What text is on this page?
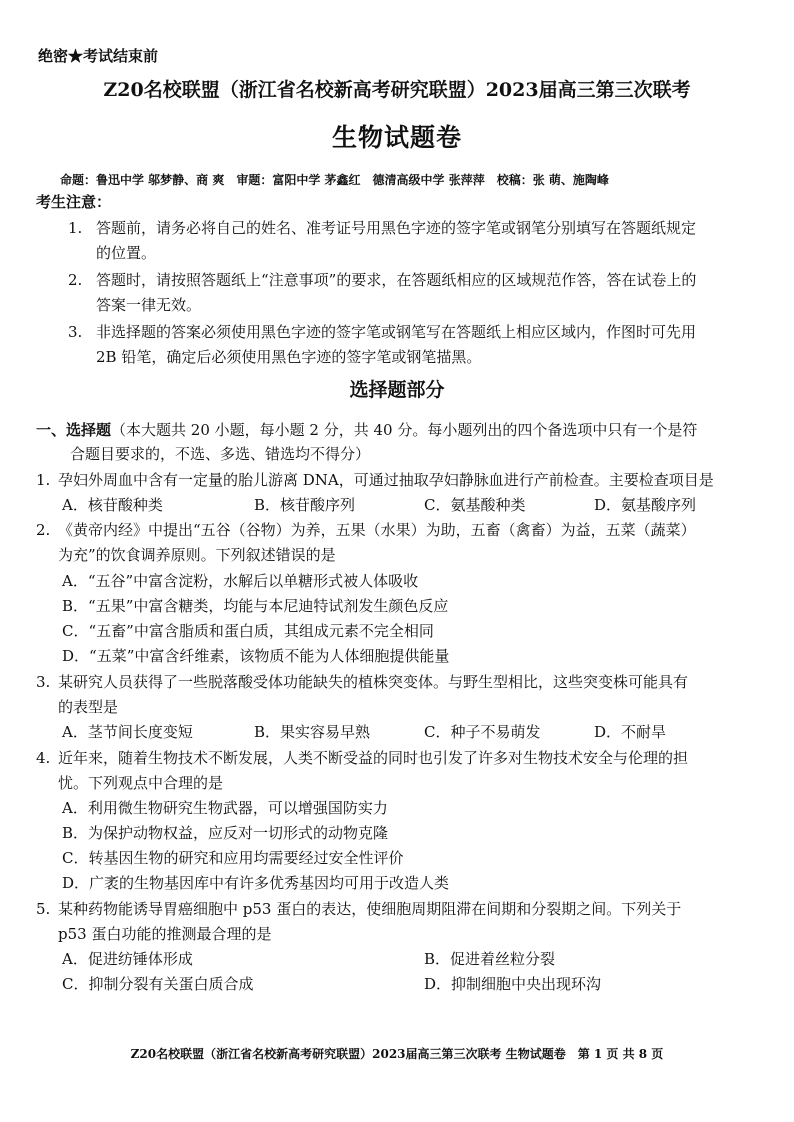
绝密★考试结束前
Z20名校联盟（浙江省名校新高考研究联盟）2023届高三第三次联考
生物试题卷
命题：鲁迅中学 邬梦静、商 爽　审题：富阳中学 茅鑫红　德清高级中学 张萍萍　校稿：张 萌、施陶峰
考生注意：
1. 答题前，请务必将自己的姓名、准考证号用黑色字迹的签字笔或钢笔分别填写在答题纸规定
的位置。
2. 答题时，请按照答题纸上“注意事项”的要求，在答题纸相应的区域规范作答，答在试卷上的
答案一律无效。
3. 非选择题的答案必须使用黑色字迹的签字笔或钢笔写在答题纸上相应区域内，作图时可先用
2B 铅笔，确定后必须使用黑色字迹的签字笔或钢笔描黑。
选择题部分
一、选择题（本大题共 20 小题，每小题 2 分，共 40 分。每小题列出的四个备选项中只有一个是符
合题目要求的，不选、多选、错选均不得分）
1. 孕妇外周血中含有一定量的胎儿游离 DNA，可通过抽取孕妇静脉血进行产前检查。主要检查项目是
A．核苷酸种类	B．核苷酸序列	C．氨基酸种类	D．氨基酸序列
2. 《黄帝内经》中提出“五谷（谷物）为养，五果（水果）为助，五畜（禽畜）为益，五菜（蔬菜）
为充”的饮食调养原则。下列叙述错误的是
A．“五谷”中富含淀粉，水解后以单糖形式被人体吸收
B．“五果”中富含糖类，均能与本尼迪特试剂发生颜色反应
C．“五畜”中富含脂质和蛋白质，其组成元素不完全相同
D．“五菜”中富含纤维素，该物质不能为人体细胞提供能量
3. 某研究人员获得了一些脱落酸受体功能缺失的植株突变体。与野生型相比，这些突变株可能具有
的表型是
A．茎节间长度变短	B．果实容易早熟	C．种子不易萌发	D．不耐旱
4. 近年来，随着生物技术不断发展，人类不断受益的同时也引发了许多对生物技术安全与伦理的担
忧。下列观点中合理的是
A．利用微生物研究生物武器，可以增强国防实力
B．为保护动物权益，应反对一切形式的动物克隆
C．转基因生物的研究和应用均需要经过安全性评价
D．广袤的生物基因库中有许多优秀基因均可用于改造人类
5. 某种药物能诱导胃癌细胞中 p53 蛋白的表达，使细胞周期阻滞在间期和分裂期之间。下列关于
p53 蛋白功能的推测最合理的是
A．促进纺锤体形成	B．促进着丝粒分裂
C．抑制分裂有关蛋白质合成	D．抑制细胞中央出现环沟
Z20名校联盟（浙江省名校新高考研究联盟）2023届高三第三次联考 生物试题卷　第 1 页 共 8 页
